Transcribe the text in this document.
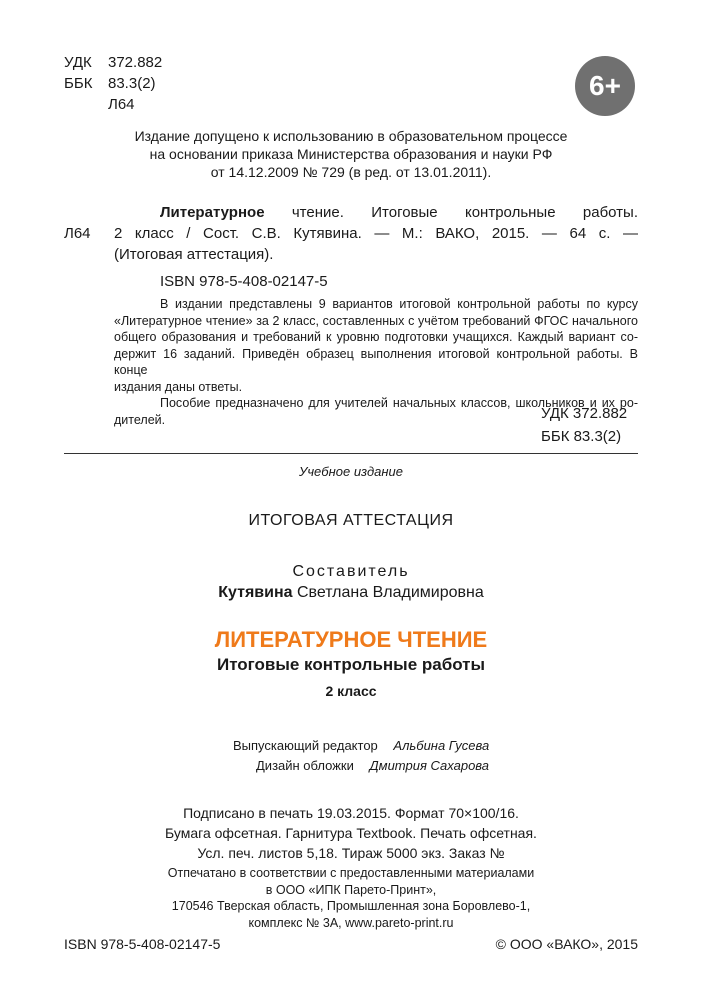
УДК	372.882
ББК	83.3(2)
Л64
6+
Издание допущено к использованию в образовательном процессе
на основании приказа Министерства образования и науки РФ
от 14.12.2009 № 729 (в ред. от 13.01.2011).
Л64
Литературное чтение. Итоговые контрольные работы.
2 класс / Сост. С.В. Кутявина. — М.: ВАКО, 2015. — 64 с. —
(Итоговая аттестация).
ISBN 978-5-408-02147-5
В издании представлены 9 вариантов итоговой контрольной работы по курсу
«Литературное чтение» за 2 класс, составленных с учётом требований ФГОС начального
общего образования и требований к уровню подготовки учащихся. Каждый вариант со-
держит 16 заданий. Приведён образец выполнения итоговой контрольной работы. В конце
издания даны ответы.
Пособие предназначено для учителей начальных классов, школьников и их ро-
дителей.	УДК 372.882
ББК 83.3(2)
Учебное издание
ИТОГОВАЯ АТТЕСТАЦИЯ
Составитель
Кутявина Светлана Владимировна
ЛИТЕРАТУРНОЕ ЧТЕНИЕ
Итоговые контрольные работы
2 класс
Выпускающий редактор Альбина Гусева
Дизайн обложки Дмитрия Сахарова
Подписано в печать 19.03.2015. Формат 70×100/16.
Бумага офсетная. Гарнитура Textbook. Печать офсетная.
Усл. печ. листов 5,18. Тираж 5000 экз. Заказ №
Отпечатано в соответствии с предоставленными материалами
в ООО «ИПК Парето-Принт»,
170546 Тверская область, Промышленная зона Боровлево-1,
комплекс № 3А, www.pareto-print.ru
ISBN 978-5-408-02147-5	© ООО «ВАКО», 2015
